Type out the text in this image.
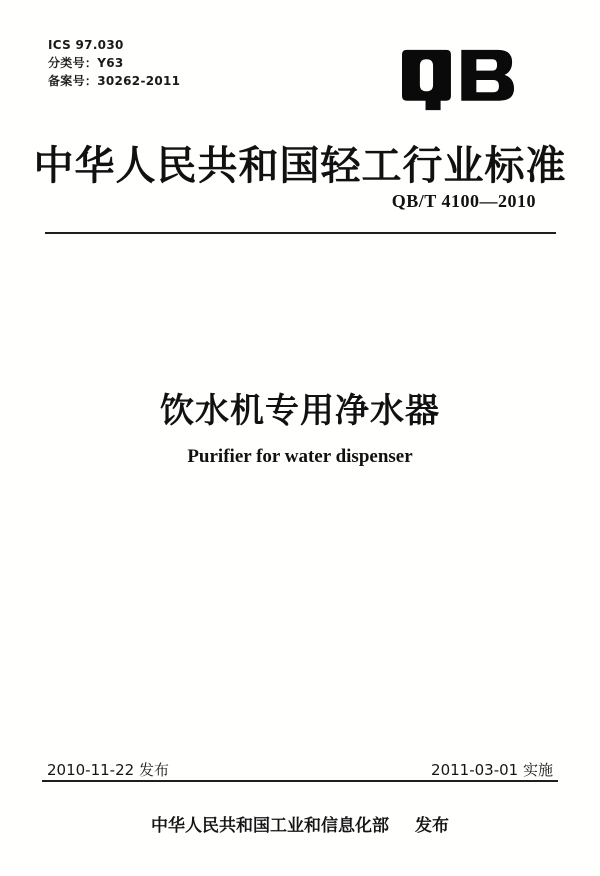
ICS 97.030
分类号：Y63
备案号：30262-2011
中华人民共和国轻工行业标准
QB/T 4100—2010
饮水机专用净水器
Purifier for water dispenser
2010-11-22 发布	2011-03-01 实施
中华人民共和国工业和信息化部 发布
